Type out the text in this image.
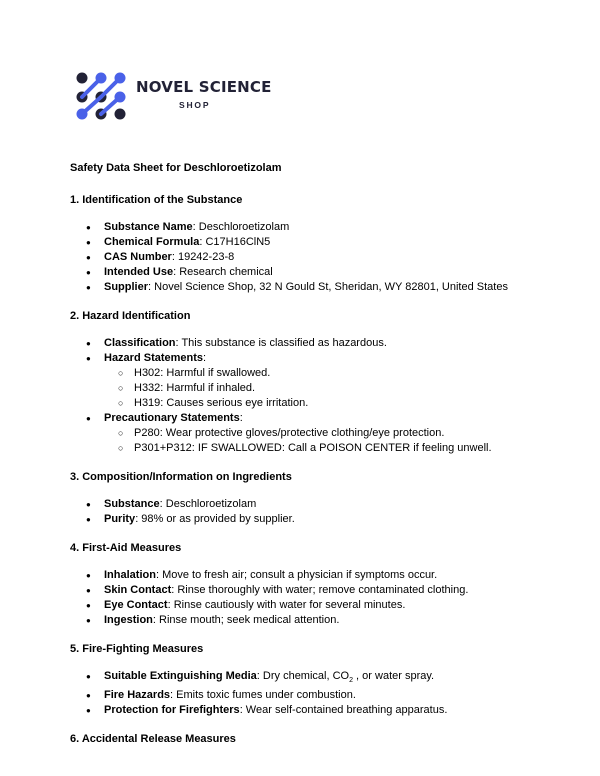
NOVEL SCIENCE
SHOP

Safety Data Sheet for Deschloroetizolam

1. Identification of the Substance
● Substance Name: Deschloroetizolam
● Chemical Formula: C17H16ClN5
● CAS Number: 19242-23-8
● Intended Use: Research chemical
● Supplier: Novel Science Shop, 32 N Gould St, Sheridan, WY 82801, United States
2. Hazard Identification
● Classification: This substance is classified as hazardous.
● Hazard Statements:
○ H302: Harmful if swallowed.
○ H332: Harmful if inhaled.
○ H319: Causes serious eye irritation.
● Precautionary Statements:
○ P280: Wear protective gloves/protective clothing/eye protection.
○ P301+P312: IF SWALLOWED: Call a POISON CENTER if feeling unwell.
3. Composition/Information on Ingredients
● Substance: Deschloroetizolam
● Purity: 98% or as provided by supplier.
4. First-Aid Measures
● Inhalation: Move to fresh air; consult a physician if symptoms occur.
● Skin Contact: Rinse thoroughly with water; remove contaminated clothing.
● Eye Contact: Rinse cautiously with water for several minutes.
● Ingestion: Rinse mouth; seek medical attention.
5. Fire-Fighting Measures
● Suitable Extinguishing Media: Dry chemical, $CO_2$ , or water spray.
● Fire Hazards: Emits toxic fumes under combustion.
● Protection for Firefighters: Wear self-contained breathing apparatus.
6. Accidental Release Measures
